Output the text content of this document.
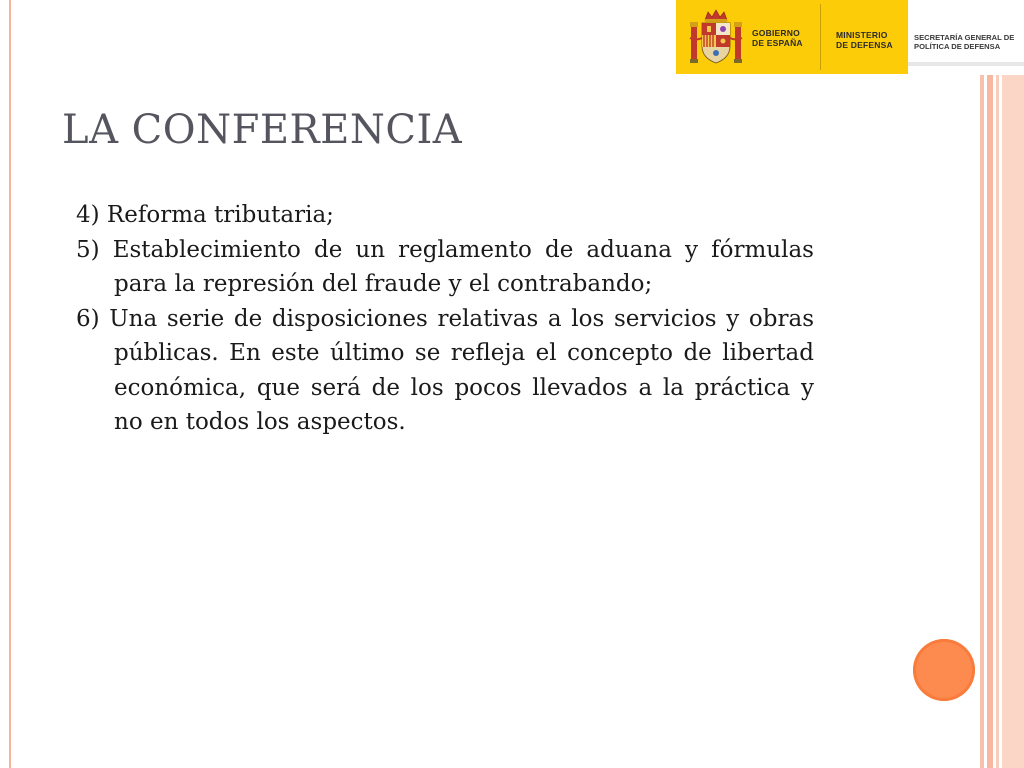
GOBIERNO
DE ESPAÑA
MINISTERIO
DE DEFENSA
SECRETARÍA GENERAL DE
POLÍTICA DE DEFENSA
LA CONFERENCIA
4) Reforma tributaria;
5) Establecimiento de un reglamento de aduana y fórmulas para la represión del fraude y el contrabando;
6) Una serie de disposiciones relativas a los servicios y obras públicas. En este último se refleja el concepto de libertad económica, que será de los pocos llevados a la práctica y no en todos los aspectos.
